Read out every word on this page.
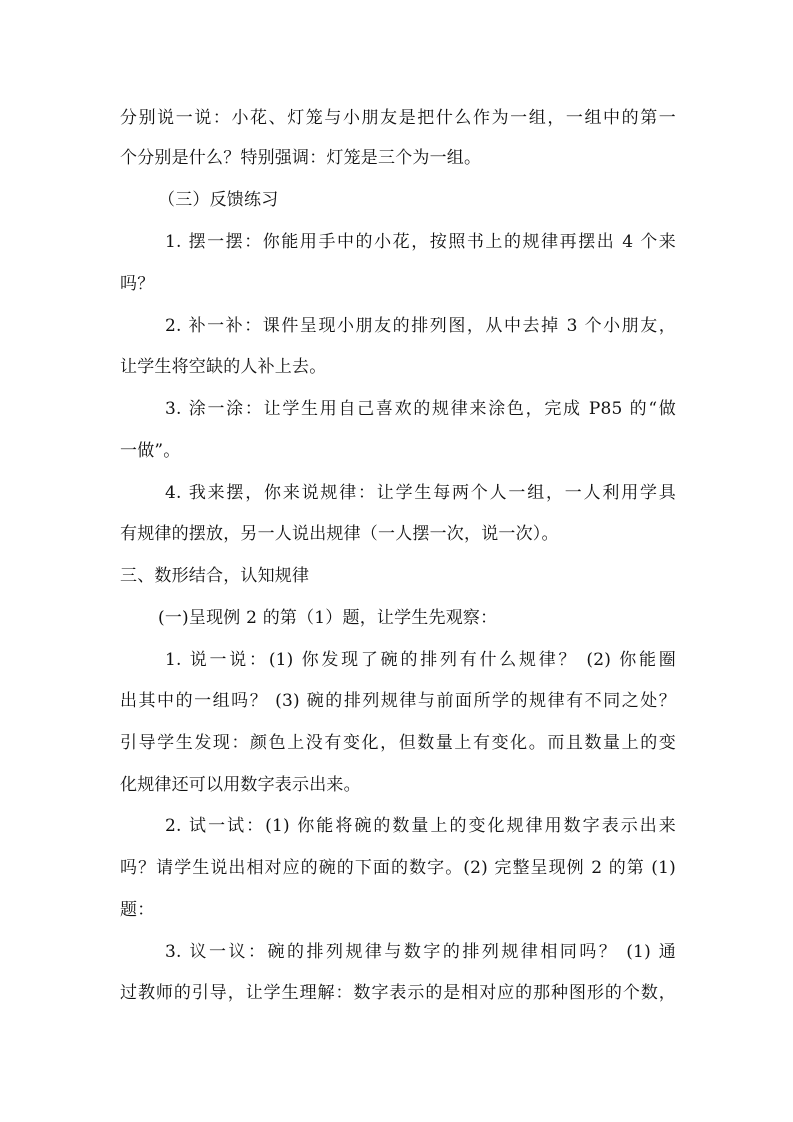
分别说一说：小花、灯笼与小朋友是把什么作为一组，一组中的第一
个分别是什么？特别强调：灯笼是三个为一组。
（三）反馈练习
1. 摆一摆：你能用手中的小花，按照书上的规律再摆出 4 个来
吗？
2. 补一补：课件呈现小朋友的排列图，从中去掉 3 个小朋友，
让学生将空缺的人补上去。
3. 涂一涂：让学生用自己喜欢的规律来涂色，完成 P85 的“做
一做”。
4. 我来摆，你来说规律：让学生每两个人一组，一人利用学具
有规律的摆放，另一人说出规律（一人摆一次，说一次）。
三、数形结合，认知规律
(一)呈现例 2 的第（1）题，让学生先观察：
1. 说一说：(1) 你发现了碗的排列有什么规律？ (2) 你能圈
出其中的一组吗？ (3) 碗的排列规律与前面所学的规律有不同之处？
引导学生发现：颜色上没有变化，但数量上有变化。而且数量上的变
化规律还可以用数字表示出来。
2. 试一试：(1) 你能将碗的数量上的变化规律用数字表示出来
吗？请学生说出相对应的碗的下面的数字。(2) 完整呈现例 2 的第 (1)
题：
3. 议一议：碗的排列规律与数字的排列规律相同吗？ (1) 通
过教师的引导，让学生理解：数字表示的是相对应的那种图形的个数，
